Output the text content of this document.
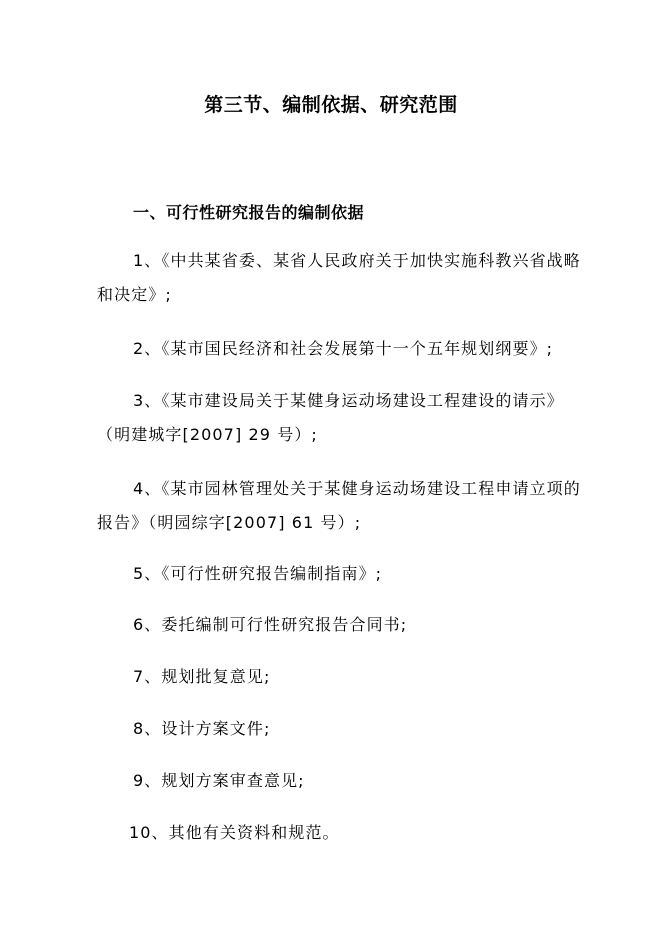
第三节、编制依据、研究范围
一、可行性研究报告的编制依据
1、《中共某省委、某省人民政府关于加快实施科教兴省战略
和决定》;
2、《某市国民经济和社会发展第十一个五年规划纲要》;
3、《某市建设局关于某健身运动场建设工程建设的请示》
（明建城字[2007] 29 号）;
4、《某市园林管理处关于某健身运动场建设工程申请立项的
报告》（明园综字[2007] 61 号）;
5、《可行性研究报告编制指南》;
6、委托编制可行性研究报告合同书;
7、规划批复意见;
8、设计方案文件;
9、规划方案审查意见;
10、其他有关资料和规范。
